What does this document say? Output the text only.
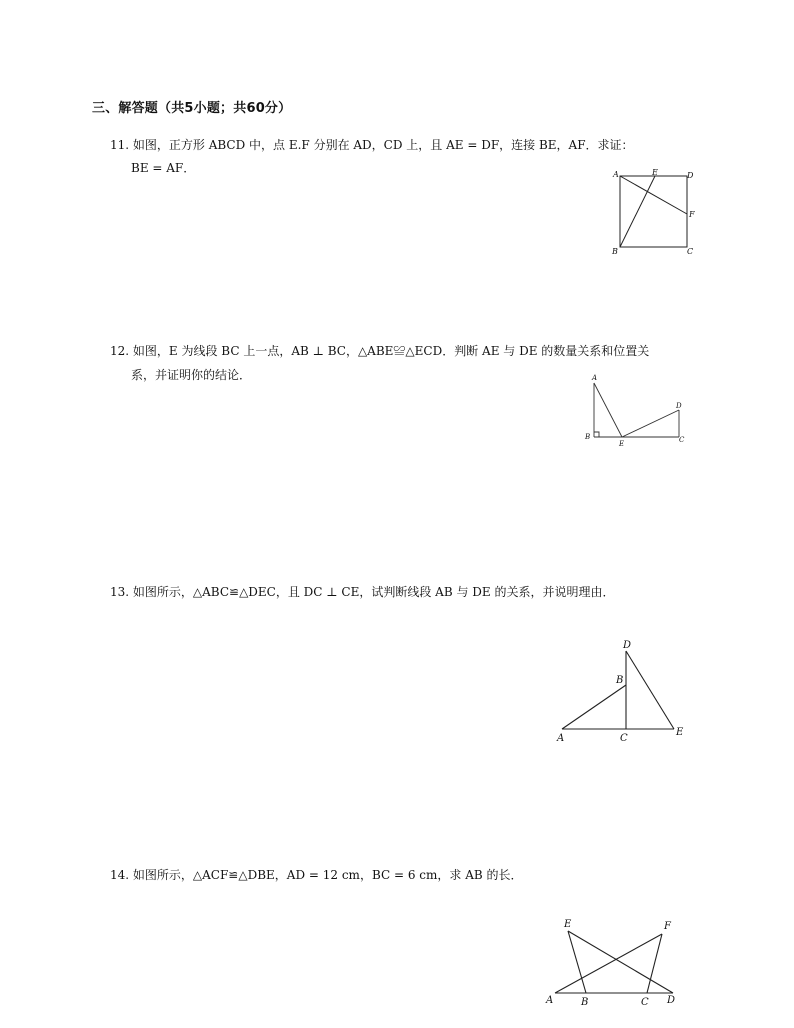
三、解答题（共5小题；共60分）
11. 如图，正方形 ABCD 中，点 E.F 分别在 AD，CD 上，且 AE = DF，连接 BE，AF．求证：
BE = AF．	A	E	D
F
B	C
12. 如图，E 为线段 BC 上一点，AB ⊥ BC，△ABE≌△ECD．判断 AE 与 DE 的数量关系和位置关
系，并证明你的结论．	A
D
B
E	C
13. 如图所示，△ABC≌△DEC，且 DC ⊥ CE，试判断线段 AB 与 DE 的关系，并说明理由．
D
B
A	C
E
14. 如图所示，△ACF≌△DBE，AD = 12 cm，BC = 6 cm，求 AB 的长．
E	F
A	B	C D
